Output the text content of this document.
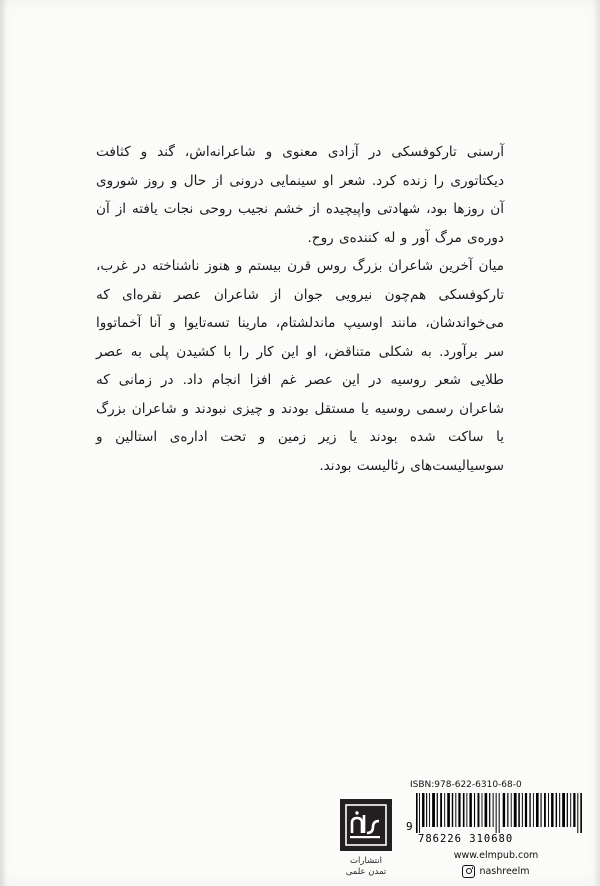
آرسنی تارکوفسکی در آزادی معنوی و شاعرانه‌اش، گند و کثافت دیکتاتوری را زنده کرد. شعر او سینمایی درونی از حال و روز شوروی آن روزها بود، شهادتی واپیچیده از خشم نجیب روحی نجات یافته از آن دوره‌ی مرگ آور و له کننده‌ی روح.

میان آخرین شاعران بزرگ روس قرن بیستم و هنوز ناشناخته در غرب، تارکوفسکی هم‌چون نیرویی جوان از شاعران عصر نقره‌ای که می‌خواندشان، مانند اوسیپ ماندلشتام، مارینا تسه‌تایوا و آنا آخماتووا سر برآورد. به شکلی متناقض، او این کار را با کشیدن پلی به عصر طلایی شعر روسیه در این عصر غم افزا انجام داد. در زمانی که شاعران رسمی روسیه یا مستقل بودند و چیزی نبودند و شاعران بزرگ یا ساکت شده بودند یا زیر زمین و تحت اداره‌ی استالین و سوسیالیست‌های رئالیست بودند.

انتشارات
تمدن علمی
ISBN:978-622-6310-68-0
9
786226 310680
www.elmpub.com
nashreelm
